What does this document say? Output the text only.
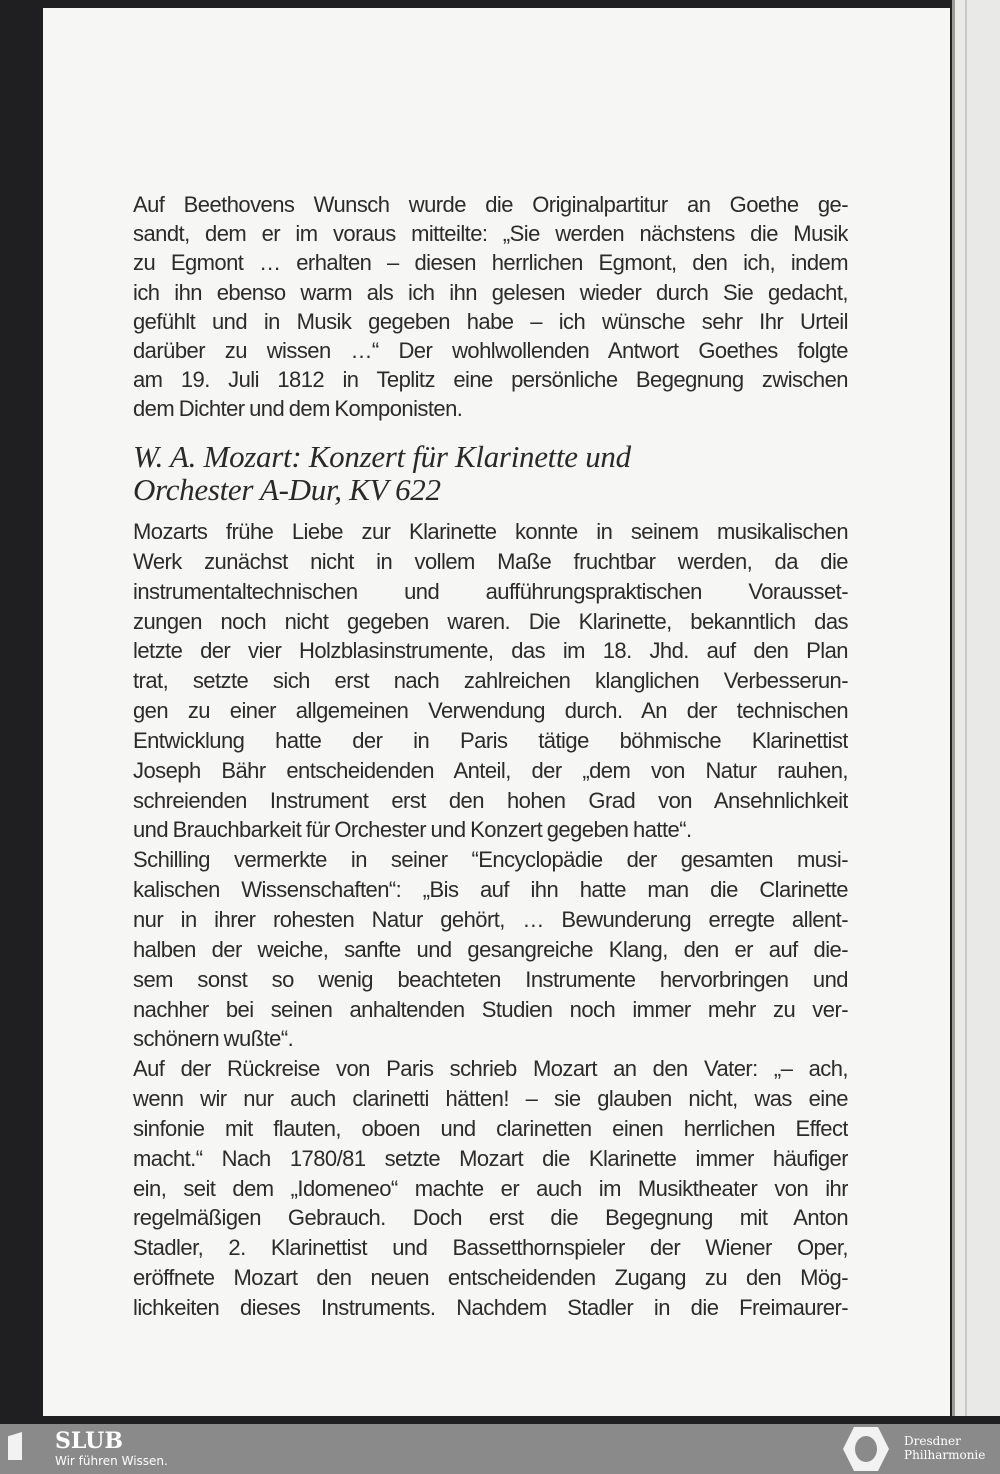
Auf Beethovens Wunsch wurde die Originalpartitur an Goethe ge-
sandt, dem er im voraus mitteilte: „Sie werden nächstens die Musik
zu Egmont … erhalten – diesen herrlichen Egmont, den ich, indem
ich ihn ebenso warm als ich ihn gelesen wieder durch Sie gedacht,
gefühlt und in Musik gegeben habe – ich wünsche sehr Ihr Urteil
darüber zu wissen …“ Der wohlwollenden Antwort Goethes folgte
am 19. Juli 1812 in Teplitz eine persönliche Begegnung zwischen
dem Dichter und dem Komponisten.
W. A. Mozart: Konzert für Klarinette und
Orchester A-Dur, KV 622
Mozarts frühe Liebe zur Klarinette konnte in seinem musikalischen
Werk zunächst nicht in vollem Maße fruchtbar werden, da die
instrumentaltechnischen und aufführungspraktischen Vorausset-
zungen noch nicht gegeben waren. Die Klarinette, bekanntlich das
letzte der vier Holzblasinstrumente, das im 18. Jhd. auf den Plan
trat, setzte sich erst nach zahlreichen klanglichen Verbesserun-
gen zu einer allgemeinen Verwendung durch. An der technischen
Entwicklung hatte der in Paris tätige böhmische Klarinettist
Joseph Bähr entscheidenden Anteil, der „dem von Natur rauhen,
schreienden Instrument erst den hohen Grad von Ansehnlichkeit
und Brauchbarkeit für Orchester und Konzert gegeben hatte“.
Schilling vermerkte in seiner “Encyclopädie der gesamten musi-
kalischen Wissenschaften“: „Bis auf ihn hatte man die Clarinette
nur in ihrer rohesten Natur gehört, … Bewunderung erregte allent-
halben der weiche, sanfte und gesangreiche Klang, den er auf die-
sem sonst so wenig beachteten Instrumente hervorbringen und
nachher bei seinen anhaltenden Studien noch immer mehr zu ver-
schönern wußte“.
Auf der Rückreise von Paris schrieb Mozart an den Vater: „– ach,
wenn wir nur auch clarinetti hätten! – sie glauben nicht, was eine
sinfonie mit flauten, oboen und clarinetten einen herrlichen Effect
macht.“ Nach 1780/81 setzte Mozart die Klarinette immer häufiger
ein, seit dem „Idomeneo“ machte er auch im Musiktheater von ihr
regelmäßigen Gebrauch. Doch erst die Begegnung mit Anton
Stadler, 2. Klarinettist und Bassetthornspieler der Wiener Oper,
eröffnete Mozart den neuen entscheidenden Zugang zu den Mög-
lichkeiten dieses Instruments. Nachdem Stadler in die Freimaurer-
SLUB
Wir führen Wissen.
Dresdner
Philharmonie
